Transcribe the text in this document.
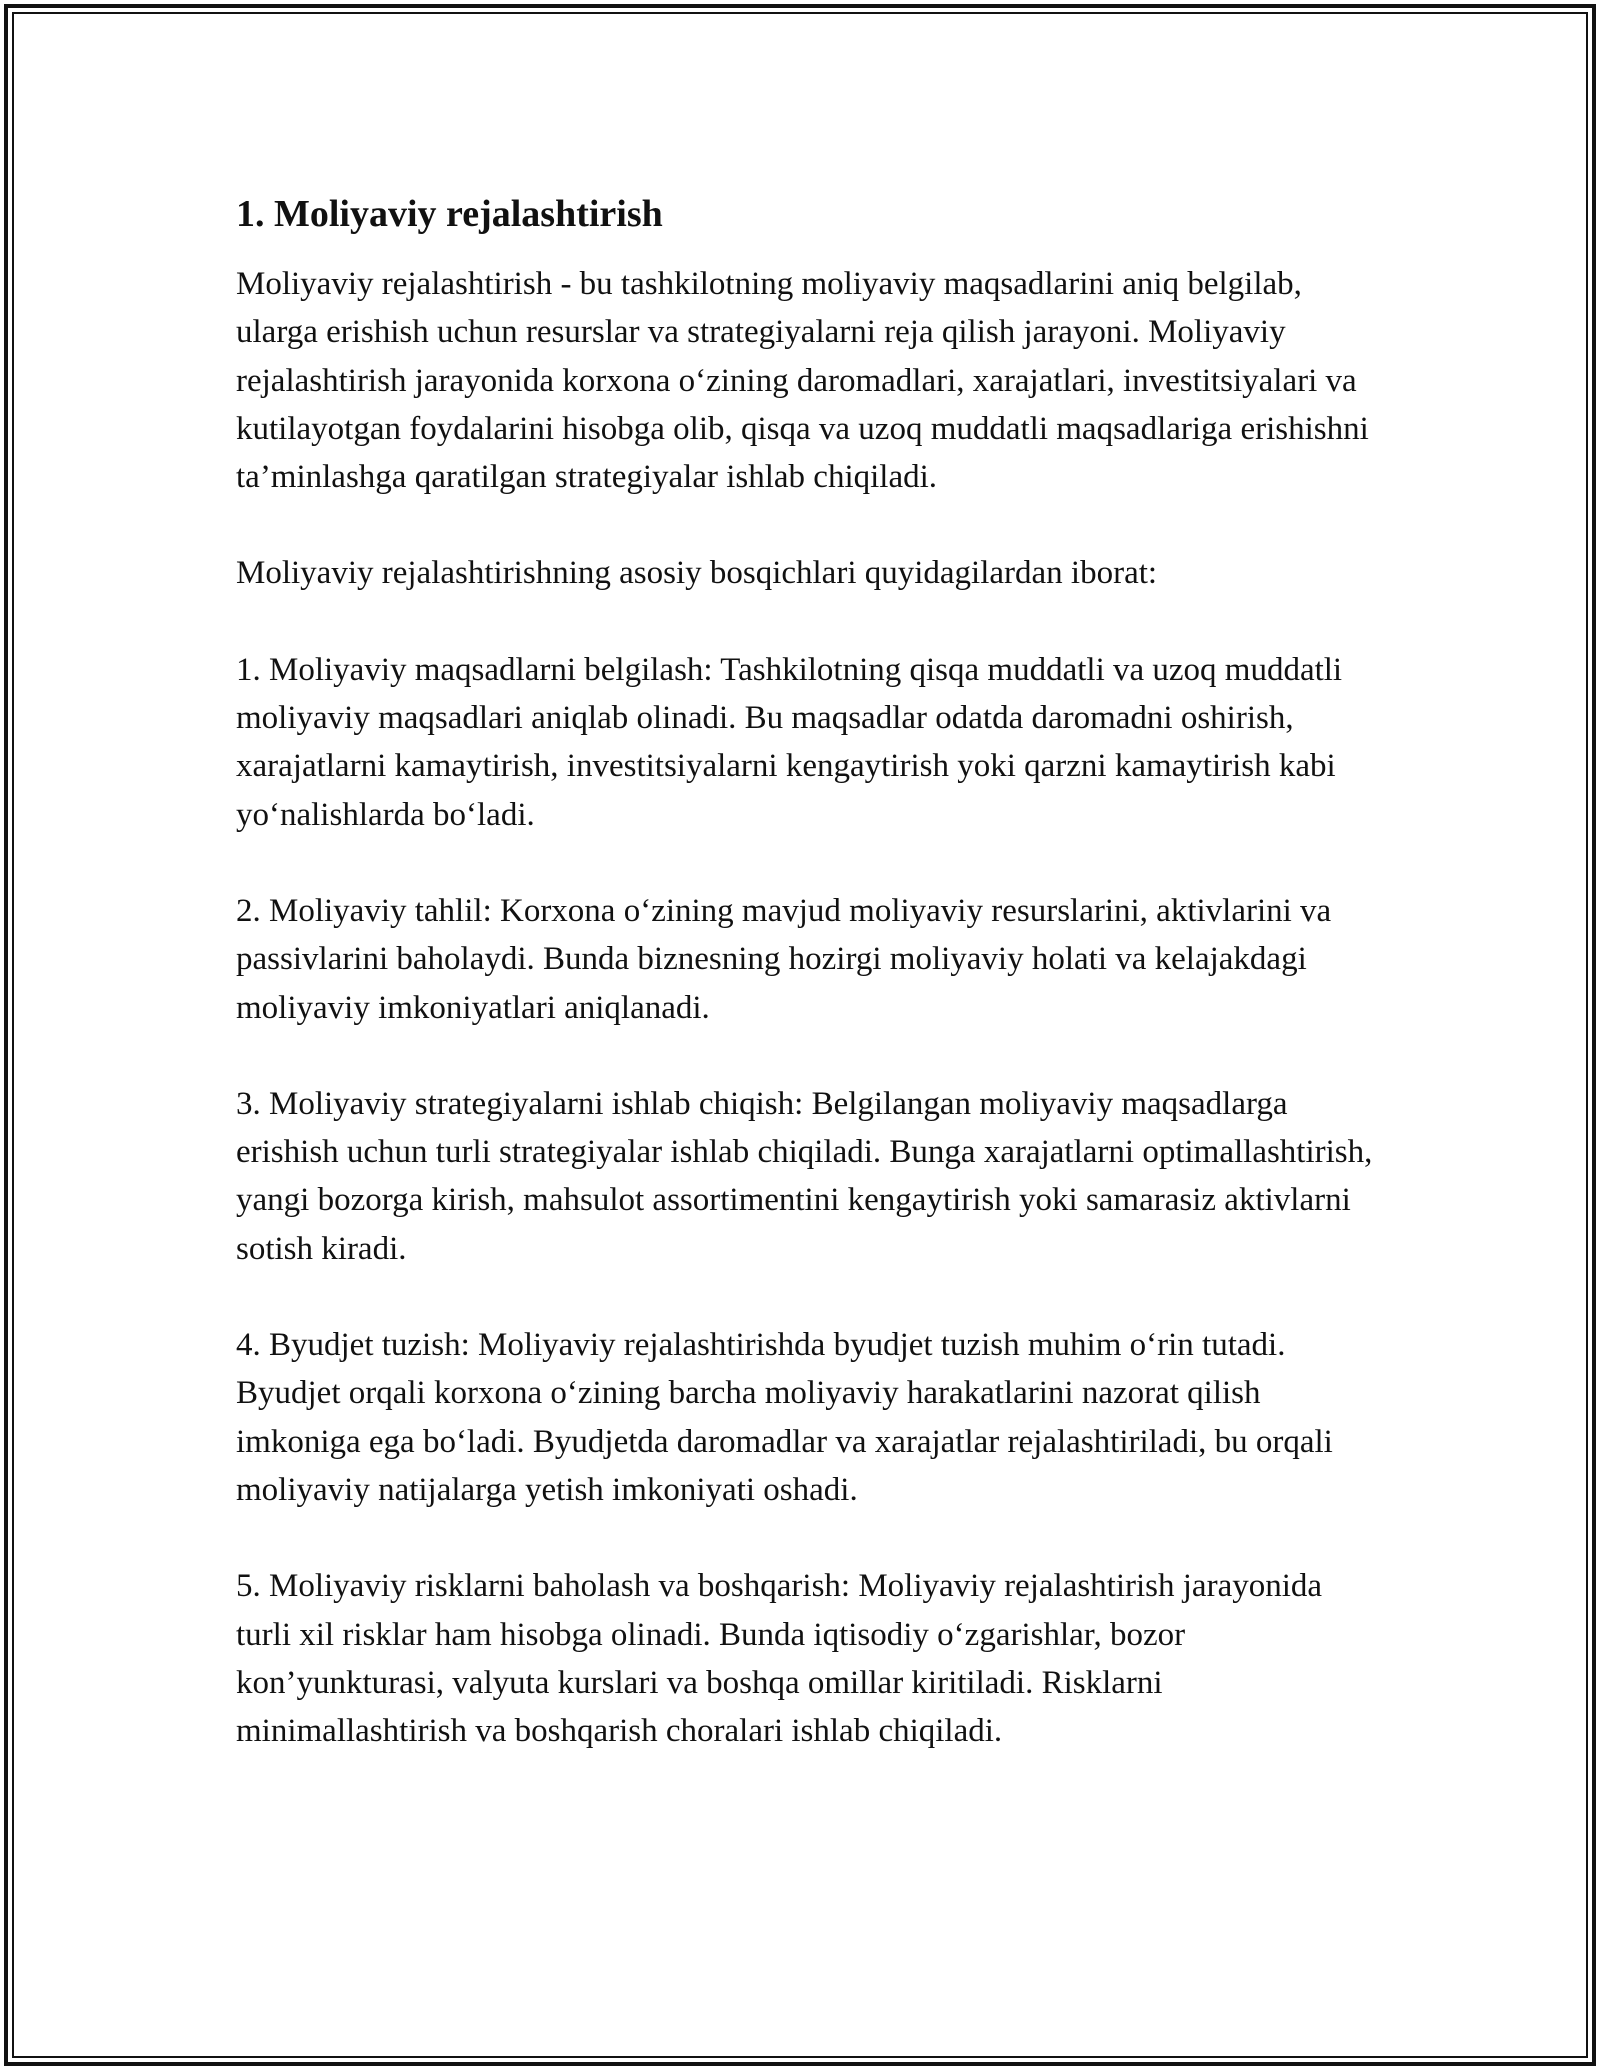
1. Moliyaviy rejalashtirish

Moliyaviy rejalashtirish - bu tashkilotning moliyaviy maqsadlarini aniq belgilab, ularga erishish uchun resurslar va strategiyalarni reja qilish jarayoni. Moliyaviy rejalashtirish jarayonida korxona o‘zining daromadlari, xarajatlari, investitsiyalari va kutilayotgan foydalarini hisobga olib, qisqa va uzoq muddatli maqsadlariga erishishni ta’minlashga qaratilgan strategiyalar ishlab chiqiladi.

Moliyaviy rejalashtirishning asosiy bosqichlari quyidagilardan iborat:

1. Moliyaviy maqsadlarni belgilash: Tashkilotning qisqa muddatli va uzoq muddatli moliyaviy maqsadlari aniqlab olinadi. Bu maqsadlar odatda daromadni oshirish, xarajatlarni kamaytirish, investitsiyalarni kengaytirish yoki qarzni kamaytirish kabi yo‘nalishlarda bo‘ladi.

2. Moliyaviy tahlil: Korxona o‘zining mavjud moliyaviy resurslarini, aktivlarini va passivlarini baholaydi. Bunda biznesning hozirgi moliyaviy holati va kelajakdagi moliyaviy imkoniyatlari aniqlanadi.

3. Moliyaviy strategiyalarni ishlab chiqish: Belgilangan moliyaviy maqsadlarga erishish uchun turli strategiyalar ishlab chiqiladi. Bunga xarajatlarni optimallashtirish, yangi bozorga kirish, mahsulot assortimentini kengaytirish yoki samarasiz aktivlarni sotish kiradi.

4. Byudjet tuzish: Moliyaviy rejalashtirishda byudjet tuzish muhim o‘rin tutadi. Byudjet orqali korxona o‘zining barcha moliyaviy harakatlarini nazorat qilish imkoniga ega bo‘ladi. Byudjetda daromadlar va xarajatlar rejalashtiriladi, bu orqali moliyaviy natijalarga yetish imkoniyati oshadi.

5. Moliyaviy risklarni baholash va boshqarish: Moliyaviy rejalashtirish jarayonida turli xil risklar ham hisobga olinadi. Bunda iqtisodiy o‘zgarishlar, bozor kon’yunkturasi, valyuta kurslari va boshqa omillar kiritiladi. Risklarni minimallashtirish va boshqarish choralari ishlab chiqiladi.
